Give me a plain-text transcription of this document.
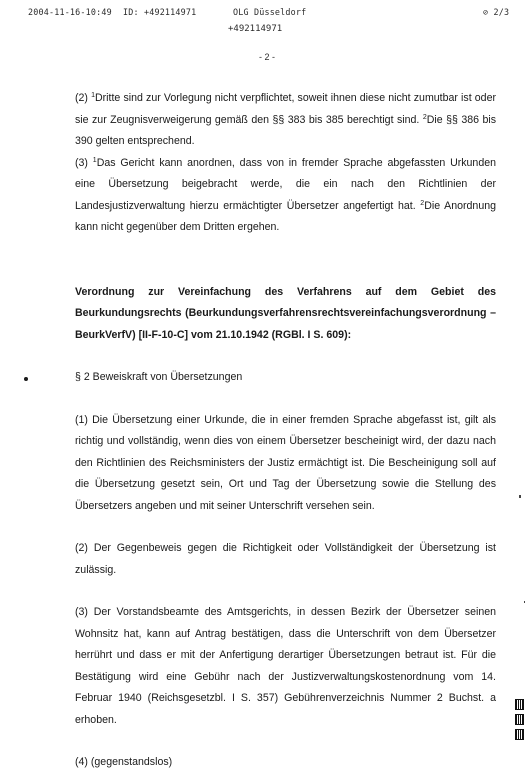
2004-11-16-10:49 ID: +492114971	OLG Düsseldorf	⊘ 2/3
+492114971
- 2 -

(2) $^1$Dritte sind zur Vorlegung nicht verpflichtet, soweit ihnen diese nicht zumutbar ist oder sie zur Zeugnisverweigerung gemäß den §§ 383 bis 385 berechtigt sind. $^2$Die §§ 386 bis 390 gelten entsprechend.

(3) $^1$Das Gericht kann anordnen, dass von in fremder Sprache abgefassten Urkunden eine Übersetzung beigebracht werde, die ein nach den Richtlinien der Landesjustizverwaltung hierzu ermächtigter Übersetzer angefertigt hat. $^2$Die Anordnung kann nicht gegenüber dem Dritten ergehen.

Verordnung zur Vereinfachung des Verfahrens auf dem Gebiet des Beurkundungsrechts (Beurkundungsverfahrensrechtsvereinfachungsverordnung – BeurkVerfV) [II-F-10-C] vom 21.10.1942 (RGBl. I S. 609):

§ 2 Beweiskraft von Übersetzungen

(1) Die Übersetzung einer Urkunde, die in einer fremden Sprache abgefasst ist, gilt als richtig und vollständig, wenn dies von einem Übersetzer bescheinigt wird, der dazu nach den Richtlinien des Reichsministers der Justiz ermächtigt ist. Die Bescheinigung soll auf die Übersetzung gesetzt sein, Ort und Tag der Übersetzung sowie die Stellung des Übersetzers angeben und mit seiner Unterschrift versehen sein.

(2) Der Gegenbeweis gegen die Richtigkeit oder Vollständigkeit der Übersetzung ist zulässig.

(3) Der Vorstandsbeamte des Amtsgerichts, in dessen Bezirk der Übersetzer seinen Wohnsitz hat, kann auf Antrag bestätigen, dass die Unterschrift von dem Übersetzer herrührt und dass er mit der Anfertigung derartiger Übersetzungen betraut ist. Für die Bestätigung wird eine Gebühr nach der Justizverwaltungskostenordnung vom 14. Februar 1940 (Reichsgesetzbl. I S. 357) Gebührenverzeichnis Nummer 2 Buchst. a erhoben.

(4) (gegenstandslos)
